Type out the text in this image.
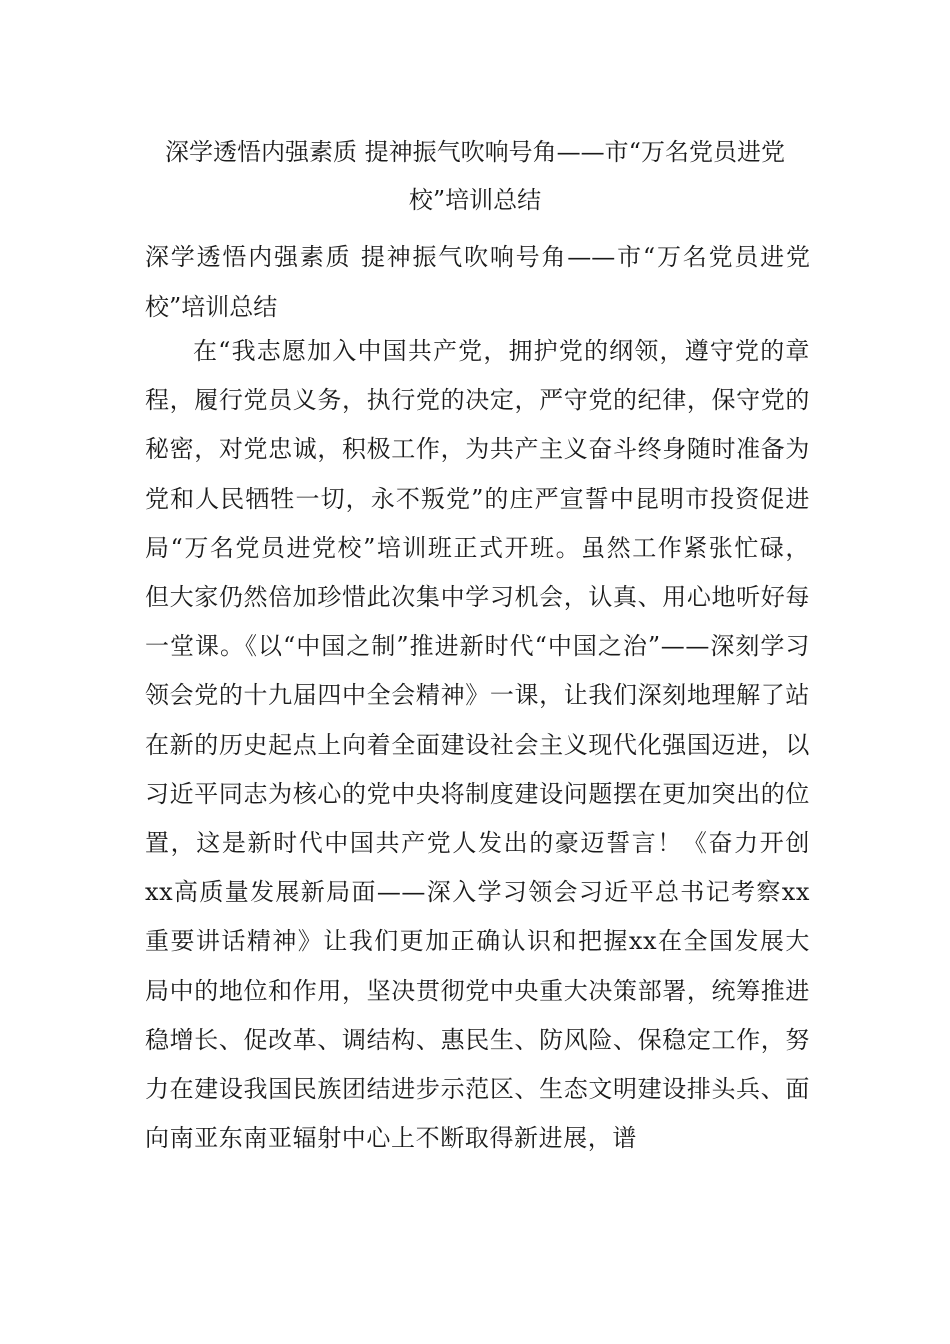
深学透悟内强素质 提神振气吹响号角——市“万名党员进党校”培训总结

深学透悟内强素质 提神振气吹响号角——市“万名党员进党校”培训总结

在“我志愿加入中国共产党，拥护党的纲领，遵守党的章程，履行党员义务，执行党的决定，严守党的纪律，保守党的秘密，对党忠诚，积极工作，为共产主义奋斗终身随时准备为党和人民牺牲一切，永不叛党”的庄严宣誓中昆明市投资促进局“万名党员进党校”培训班正式开班。虽然工作紧张忙碌，但大家仍然倍加珍惜此次集中学习机会，认真、用心地听好每一堂课。《以“中国之制”推进新时代“中国之治”——深刻学习领会党的十九届四中全会精神》一课，让我们深刻地理解了站在新的历史起点上向着全面建设社会主义现代化强国迈进，以习近平同志为核心的党中央将制度建设问题摆在更加突出的位置，这是新时代中国共产党人发出的豪迈誓言！《奋力开创xx高质量发展新局面——深入学习领会习近平总书记考察xx重要讲话精神》让我们更加正确认识和把握xx在全国发展大局中的地位和作用，坚决贯彻党中央重大决策部署，统筹推进稳增长、促改革、调结构、惠民生、防风险、保稳定工作，努力在建设我国民族团结进步示范区、生态文明建设排头兵、面向南亚东南亚辐射中心上不断取得新进展，谱
